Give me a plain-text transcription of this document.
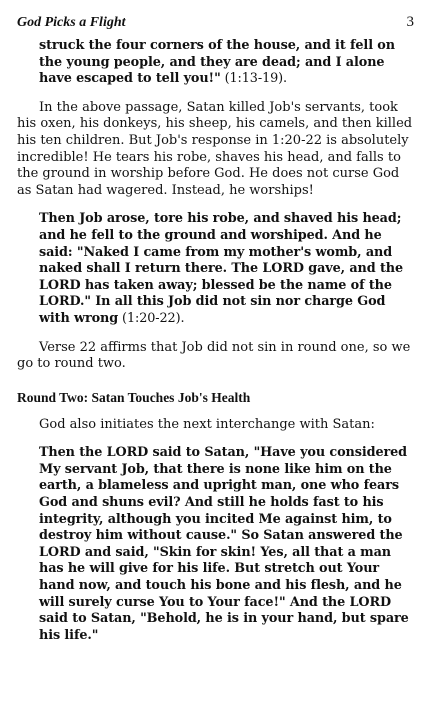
God Picks a Flight	3

struck the four corners of the house, and it fell on the young people, and they are dead; and I alone have escaped to tell you!" (1:13-19).

In the above passage, Satan killed Job's servants, took his oxen, his donkeys, his sheep, his camels, and then killed his ten children. But Job's response in 1:20-22 is absolutely incredible! He tears his robe, shaves his head, and falls to the ground in worship before God. He does not curse God as Satan had wagered. Instead, he worships!

Then Job arose, tore his robe, and shaved his head; and he fell to the ground and worshiped. And he said: "Naked I came from my mother's womb, and naked shall I return there. The LORD gave, and the LORD has taken away; blessed be the name of the LORD." In all this Job did not sin nor charge God with wrong (1:20-22).

Verse 22 affirms that Job did not sin in round one, so we go to round two.

Round Two: Satan Touches Job's Health

God also initiates the next interchange with Satan:

Then the LORD said to Satan, "Have you considered My servant Job, that there is none like him on the earth, a blameless and upright man, one who fears God and shuns evil? And still he holds fast to his integrity, although you incited Me against him, to destroy him without cause." So Satan answered the LORD and said, "Skin for skin! Yes, all that a man has he will give for his life. But stretch out Your hand now, and touch his bone and his flesh, and he will surely curse You to Your face!" And the LORD said to Satan, "Behold, he is in your hand, but spare his life."
